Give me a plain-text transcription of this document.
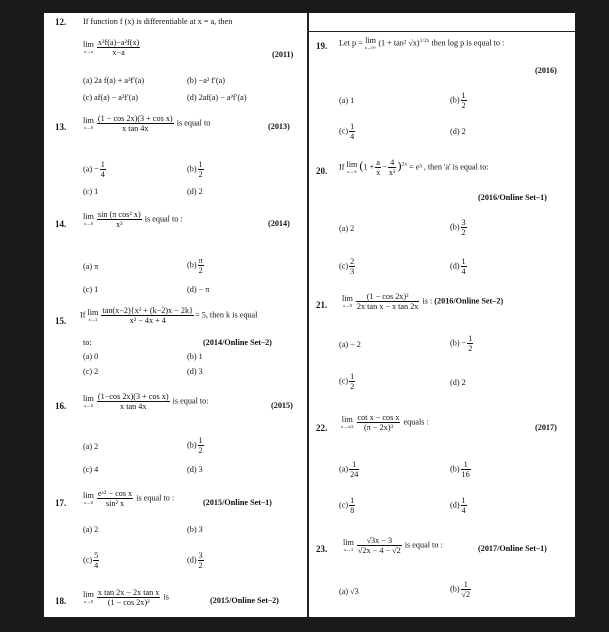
12. If function f (x) is differentiable at x = a, then
lim
$x\to a \frac{\text{x²f(a)−a²f(x)}}{x-a}$	(2011)
(a) 2a f(a) + a²f′(a)	(b) −a² f′(a)
(c) af(a) − a²f′(a)	(d) 2af(a) − a²f′(a)
13.
lim
$x\to 0 \frac{\text{(1 − cos 2x)(3 + cos x)}}{\text{x tan 4x}}$ is equal to	(2013)
$(a) - \frac{1}{4}$	$(b) \frac{1}{2}$
(c) 1	(d) 2
14.
lim
$x\to 0 \frac{\text{sin (π cos² x)}}{\text{x²}}$ is equal to :
(2014)
(a) π	$(b) \frac{\pi}{2}$
(c) 1	(d) − π
15.
If lim
$x\to 2 \frac{\text{tan(x−2)\{x² + (k−2)x − 2k\}}}{\text{x² − 4x + 4}} = 5$, then k is equal
to:	(2014/Online Set–2)
(a) 0	(b) 1
(c) 2	(d) 3
16.
lim
$x\to 0 \frac{\text{(1−cos 2x)(3 + cos x)}}{\text{x tan 4x}}$ is equal to:
(2015)
(a) 2	$(b) \frac{1}{2}$
(c) 4	(d) 3
17.
lim
$x\to 0 \frac{\text{eˣ² − cos x}}{\text{sin² x}}$ is equal to :
(2015/Online Set–1)
(a) 2	(b) 3
$(c) \frac{5}{4}$	$(d) \frac{3}{2}$
18.
lim
$x\to 0 \frac{\text{x tan 2x − 2x tan x}}{\text{(1 − cos 2x)²}}$ is	(2015/Online Set–2)
19. Let p = lim
x→0+
(1 + tan² √x)$^{1/2x}$ then log p is equal to :
(2016)
(a) 1	$(b) \frac{1}{2}$
$(c) \frac{1}{4}$	(d) 2
20. If lim
x→∞ $(1 + \frac{a}{x} - \frac{4}{\text{x²}} )^{2x} = e^3$ , then 'a' is equal to:
(2016/Online Set–1)
(a) 2	$(b) \frac{3}{2}$
$(c) \frac{2}{3}$	$(d) \frac{1}{4}$
21.
lim
$x\to 0 \frac{\text{(1 − cos 2x)²}}{\text{2x tan x − x tan 2x}}$ is : (2016/Online Set–2)
(a) − 2	$(b) - \frac{1}{2}$
$(c) \frac{1}{2}$	(d) 2
22.
lim
$x\to\pi/2 \frac{\text{cot x − cos x}}{\text{(π − 2x)³}}$ equals :
(2017)
$(a) \frac{1}{24}$	$(b) \frac{1}{16}$
$(c) \frac{1}{8}$	$(d) \frac{1}{4}$
23.
lim
$x\to 3 \frac{√3x - 3}{√2x - 4 - √2}$ is equal to :	(2017/Online Set–1)
(a) √3	$(b) \frac{1}{√2}$
